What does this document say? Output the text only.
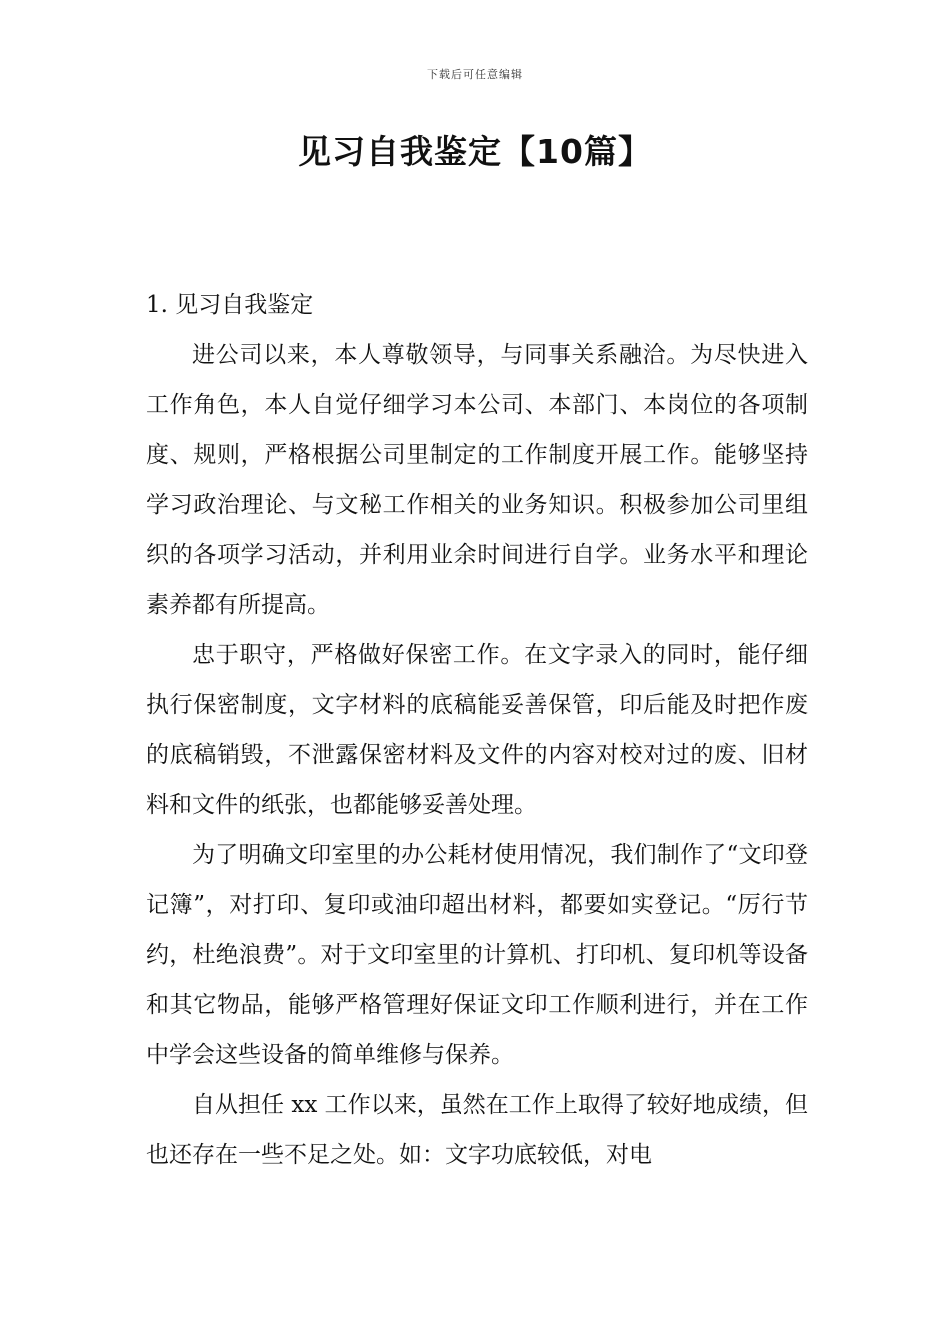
下载后可任意编辑
见习自我鉴定【10篇】
1. 见习自我鉴定

进公司以来，本人尊敬领导，与同事关系融洽。为尽快进入工作角色，本人自觉仔细学习本公司、本部门、本岗位的各项制度、规则，严格根据公司里制定的工作制度开展工作。能够坚持学习政治理论、与文秘工作相关的业务知识。积极参加公司里组织的各项学习活动，并利用业余时间进行自学。业务水平和理论素养都有所提高。

忠于职守，严格做好保密工作。在文字录入的同时，能仔细执行保密制度，文字材料的底稿能妥善保管，印后能及时把作废的底稿销毁，不泄露保密材料及文件的内容对校对过的废、旧材料和文件的纸张，也都能够妥善处理。

为了明确文印室里的办公耗材使用情况，我们制作了“文印登记簿”，对打印、复印或油印超出材料，都要如实登记。“厉行节约，杜绝浪费”。对于文印室里的计算机、打印机、复印机等设备和其它物品，能够严格管理好保证文印工作顺利进行，并在工作中学会这些设备的简单维修与保养。

自从担任 xx 工作以来，虽然在工作上取得了较好地成绩，但也还存在一些不足之处。如：文字功底较低，对电
